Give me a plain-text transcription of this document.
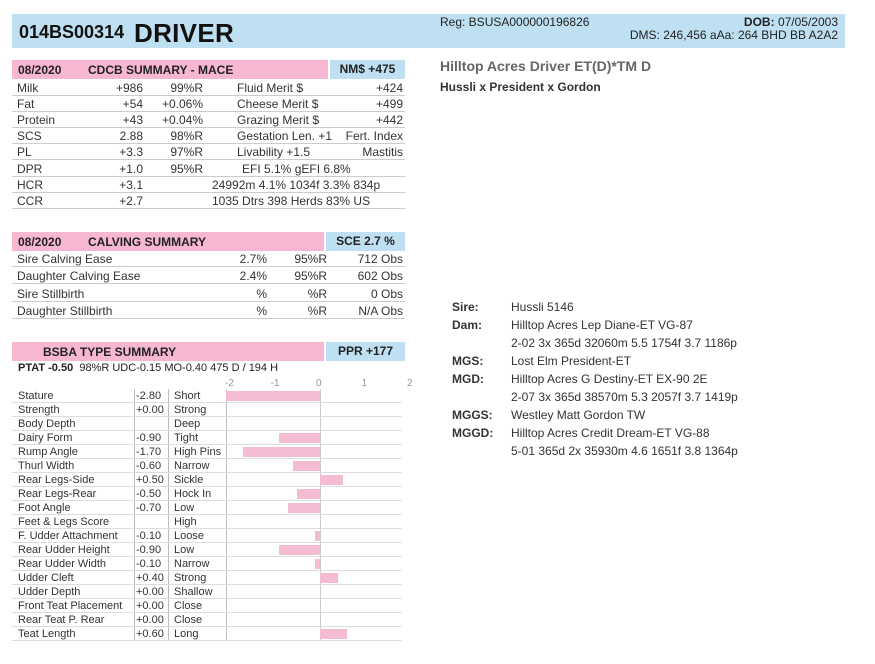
014BS00314 DRIVER	Reg: BSUSA000000196826	DOB: 07/05/2003
DMS: 246,456 aAa: 264 BHD BB A2A2
Hilltop Acres Driver ET(D)*TM D
Hussli x President x Gordon
08/2020 CDCB SUMMARY - MACE	NM$ +475
Milk	+986 99%R	Fluid Merit $	+424
Fat	+54 +0.06%	Cheese Merit $	+499
Protein	+43 +0.04%	Grazing Merit $	+442
SCS	2.88 98%R	Gestation Len. +1 Fert. Index
PL	+3.3 97%R	Livability +1.5	Mastitis
DPR	+1.0 95%R	EFI 5.1% gEFI 6.8%
HCR	+3.1	24992m 4.1% 1034f 3.3% 834p
CCR	+2.7	1035 Dtrs 398 Herds 83% US
08/2020 CALVING SUMMARY	SCE 2.7 %
Sire Calving Ease	2.7% 95%R	712 Obs
Daughter Calving Ease	2.4% 95%R	602 Obs
Sire Stillbirth	%	%R	0 Obs
Daughter Stillbirth	%	%R	N/A Obs
BSBA TYPE SUMMARY	PPR +177
PTAT -0.50 98%R UDC-0.15 MO-0.40 475 D / 194 H
-2	-1	0	1	2
Stature	-2.80 Short
Strength	+0.00 Strong
Body Depth	Deep
Dairy Form	-0.90 Tight
Rump Angle	-1.70 High Pins
Thurl Width	-0.60 Narrow
Rear Legs-Side	+0.50 Sickle
Rear Legs-Rear	-0.50 Hock In
Foot Angle	-0.70 Low
Feet & Legs Score	High
F. Udder Attachment -0.10 Loose
Rear Udder Height -0.90 Low
Rear Udder Width	-0.10 Narrow
Udder Cleft	+0.40 Strong
Udder Depth	+0.00 Shallow
Front Teat Placement +0.00 Close
Rear Teat P. Rear	+0.00 Close
Teat Length	+0.60 Long
Sire:	Hussli 5146
Dam: Hilltop Acres Lep Diane-ET VG-87
2-02 3x 365d 32060m 5.5 1754f 3.7 1186p
MGS: Lost Elm President-ET
MGD: Hilltop Acres G Destiny-ET EX-90 2E
2-07 3x 365d 38570m 5.3 2057f 3.7 1419p
MGGS: Westley Matt Gordon TW
MGGD: Hilltop Acres Credit Dream-ET VG-88
5-01 365d 2x 35930m 4.6 1651f 3.8 1364p
